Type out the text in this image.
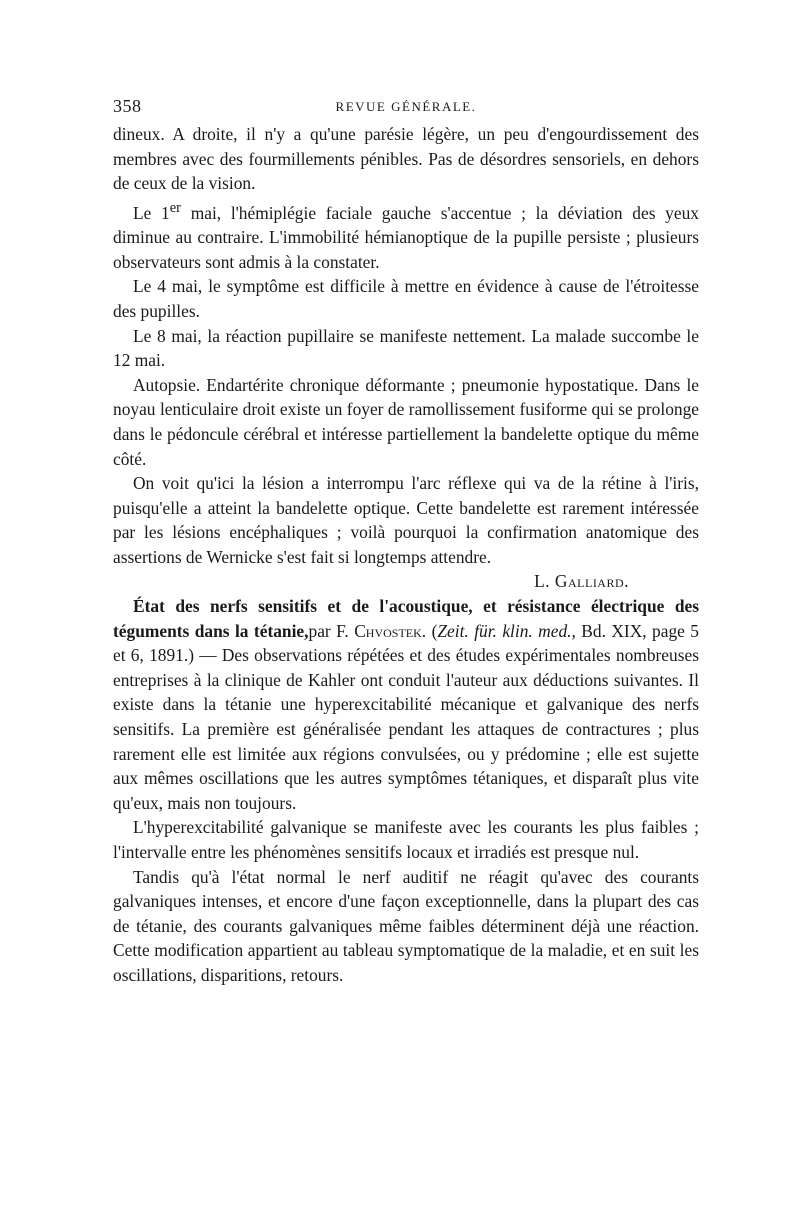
358	REVUE GÉNÉRALE.

dineux. A droite, il n'y a qu'une parésie légère, un peu d'engourdissement des membres avec des fourmillements pénibles. Pas de désordres sensoriels, en dehors de ceux de la vision.

Le 1er mai, l'hémiplégie faciale gauche s'accentue ; la déviation des yeux diminue au contraire. L'immobilité hémianoptique de la pupille persiste ; plusieurs observateurs sont admis à la constater.

Le 4 mai, le symptôme est difficile à mettre en évidence à cause de l'étroitesse des pupilles.

Le 8 mai, la réaction pupillaire se manifeste nettement. La malade succombe le 12 mai.

Autopsie. Endartérite chronique déformante ; pneumonie hypostatique. Dans le noyau lenticulaire droit existe un foyer de ramollissement fusiforme qui se prolonge dans le pédoncule cérébral et intéresse partiellement la bandelette optique du même côté.

On voit qu'ici la lésion a interrompu l'arc réflexe qui va de la rétine à l'iris, puisqu'elle a atteint la bandelette optique. Cette bandelette est rarement intéressée par les lésions encéphaliques ; voilà pourquoi la confirmation anatomique des assertions de Wernicke s'est fait si longtemps attendre.

L. Galliard.

État des nerfs sensitifs et de l'acoustique, et résistance électrique des téguments dans la tétanie,par F. Chvostek. (Zeit. für. klin. med., Bd. XIX, page 5 et 6, 1891.) — Des observations répétées et des études expérimentales nombreuses entreprises à la clinique de Kahler ont conduit l'auteur aux déductions suivantes. Il existe dans la tétanie une hyperexcitabilité mécanique et galvanique des nerfs sensitifs. La première est généralisée pendant les attaques de contractures ; plus rarement elle est limitée aux régions convulsées, ou y prédomine ; elle est sujette aux mêmes oscillations que les autres symptômes tétaniques, et disparaît plus vite qu'eux, mais non toujours.

L'hyperexcitabilité galvanique se manifeste avec les courants les plus faibles ; l'intervalle entre les phénomènes sensitifs locaux et irradiés est presque nul.

Tandis qu'à l'état normal le nerf auditif ne réagit qu'avec des courants galvaniques intenses, et encore d'une façon exceptionnelle, dans la plupart des cas de tétanie, des courants galvaniques même faibles déterminent déjà une réaction. Cette modification appartient au tableau symptomatique de la maladie, et en suit les oscillations, disparitions, retours.
